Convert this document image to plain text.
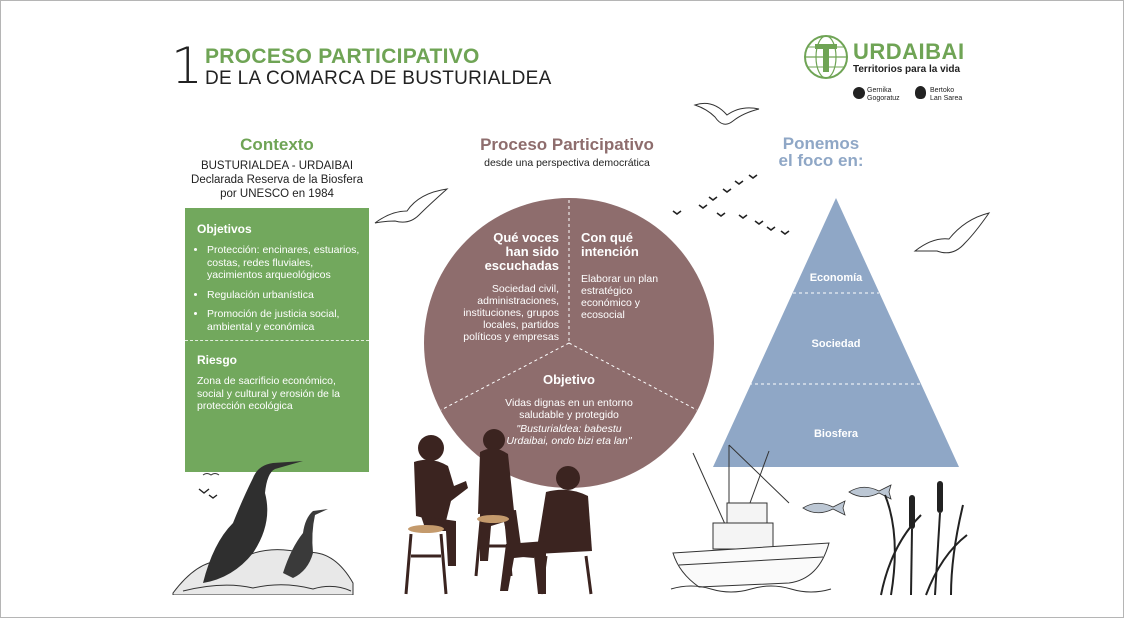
1 PROCESO PARTICIPATIVO
DE LA COMARCA DE BUSTURIALDEA
URDAIBAI
Territorios para la vida
Gernika Gogoratuz
Bertoko Lan Sarea
Contexto
BUSTURIALDEA - URDAIBAI
Declarada Reserva de la Biosfera
por UNESCO en 1984
Objetivos
• Protección: encinares, estuarios, costas, redes fluviales, yacimientos arqueológicos
• Regulación urbanística
• Promoción de justicia social, ambiental y económica
Riesgo
Zona de sacrificio económico, social y cultural y erosión de la protección ecológica
Proceso Participativo
desde una perspectiva democrática
Qué voces han sido escuchadas
Sociedad civil, administraciones, instituciones, grupos locales, partidos políticos y empresas
Con qué intención
Elaborar un plan estratégico económico y ecosocial
Objetivo
Vidas dignas en un entorno saludable y protegido
"Busturialdea: babestu Urdaibai, ondo bizi eta lan"
Ponemos
el foco en:
Economía
Sociedad
Biosfera
